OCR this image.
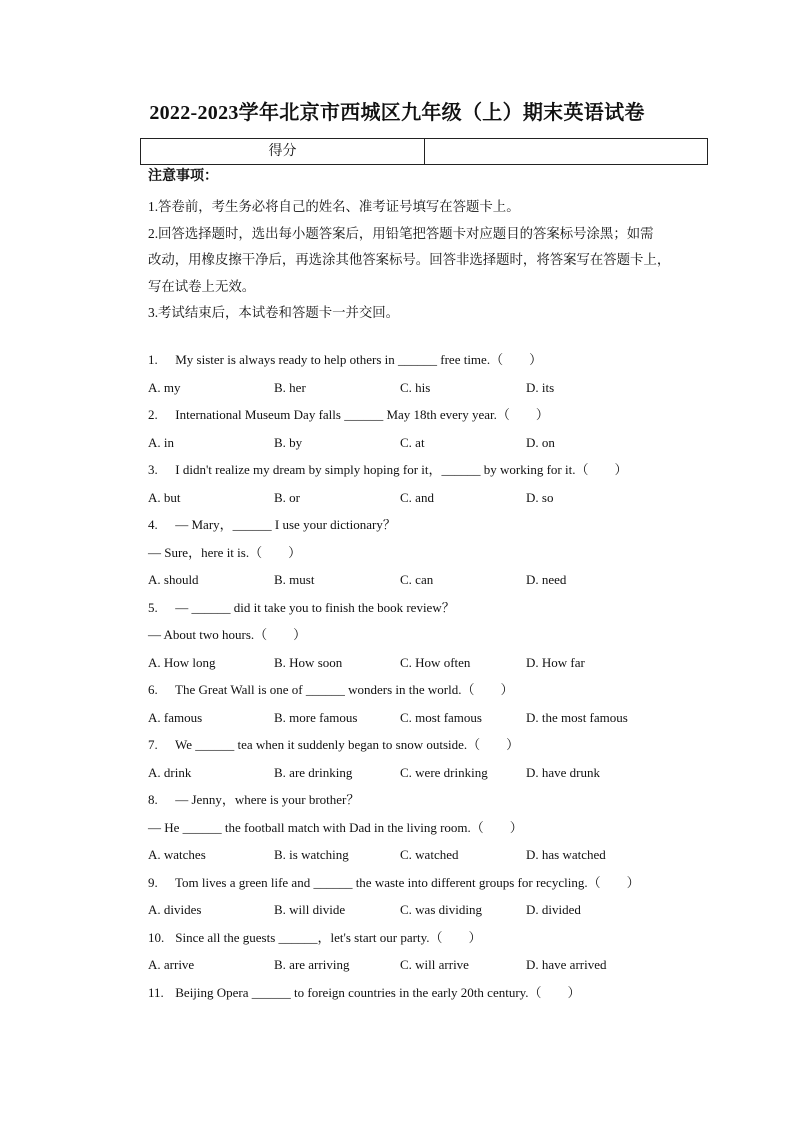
2022-2023学年北京市西城区九年级（上）期末英语试卷
得分
注意事项：
1.答卷前，考生务必将自己的姓名、准考证号填写在答题卡上。
2.回答选择题时，选出每小题答案后，用铅笔把答题卡对应题目的答案标号涂黑；如需
改动，用橡皮擦干净后，再选涂其他答案标号。回答非选择题时，将答案写在答题卡上，
写在试卷上无效。
3.考试结束后，本试卷和答题卡一并交回。
1. My sister is always ready to help others in ______ free time.（　　）
A. my	B. her	C. his	D. its
2. International Museum Day falls ______ May 18th every year.（　　）
A. in	B. by	C. at	D. on
3. I didn't realize my dream by simply hoping for it，______ by working for it.（　　）
A. but	B. or	C. and	D. so
4. — Mary，______ I use your dictionary？
— Sure，here it is.（　　）
A. should	B. must	C. can	D. need
5. — ______ did it take you to finish the book review？
— About two hours.（　　）
A. How long	B. How soon	C. How often	D. How far
6. The Great Wall is one of ______ wonders in the world.（　　）
A. famous	B. more famous	C. most famous	D. the most famous
7. We ______ tea when it suddenly began to snow outside.（　　）
A. drink	B. are drinking	C. were drinking	D. have drunk
8. — Jenny，where is your brother？
— He ______ the football match with Dad in the living room.（　　）
A. watches	B. is watching	C. watched	D. has watched
9. Tom lives a green life and ______ the waste into different groups for recycling.（　　）
A. divides	B. will divide	C. was dividing	D. divided
10. Since all the guests ______，let's start our party.（　　）
A. arrive	B. are arriving	C. will arrive	D. have arrived
11. Beijing Opera ______ to foreign countries in the early 20th century.（　　）
